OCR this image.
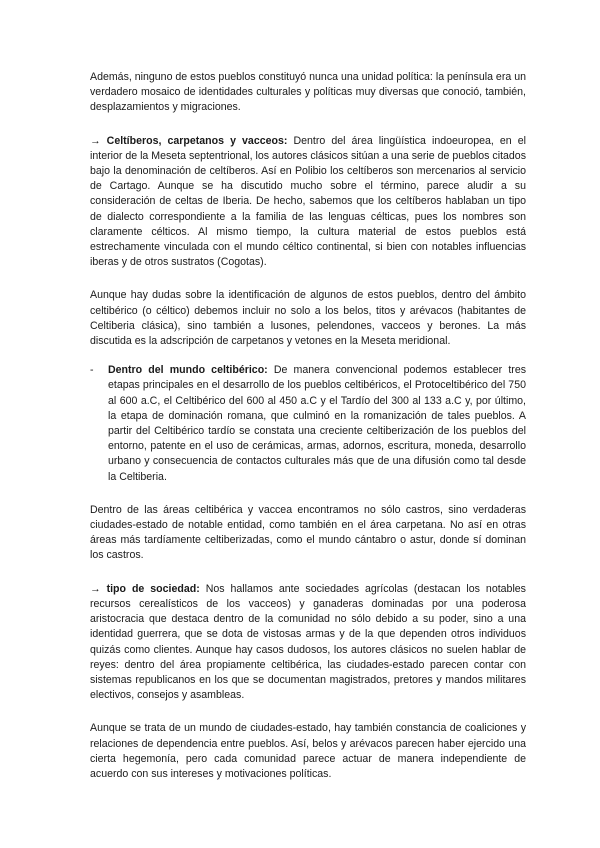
Además, ninguno de estos pueblos constituyó nunca una unidad política: la península era un verdadero mosaico de identidades culturales y políticas muy diversas que conoció, también, desplazamientos y migraciones.

→ Celtíberos, carpetanos y vacceos: Dentro del área lingüística indoeuropea, en el interior de la Meseta septentrional, los autores clásicos sitúan a una serie de pueblos citados bajo la denominación de celtíberos. Así en Polibio los celtíberos son mercenarios al servicio de Cartago. Aunque se ha discutido mucho sobre el término, parece aludir a su consideración de celtas de Iberia. De hecho, sabemos que los celtíberos hablaban un tipo de dialecto correspondiente a la familia de las lenguas célticas, pues los nombres son claramente célticos. Al mismo tiempo, la cultura material de estos pueblos está estrechamente vinculada con el mundo céltico continental, si bien con notables influencias iberas y de otros sustratos (Cogotas).

Aunque hay dudas sobre la identificación de algunos de estos pueblos, dentro del ámbito celtibérico (o céltico) debemos incluir no solo a los belos, titos y arévacos (habitantes de Celtiberia clásica), sino también a lusones, pelendones, vacceos y berones. La más discutida es la adscripción de carpetanos y vetones en la Meseta meridional.

- Dentro del mundo celtibérico: De manera convencional podemos establecer tres etapas principales en el desarrollo de los pueblos celtibéricos, el Protoceltibérico del 750 al 600 a.C, el Celtibérico del 600 al 450 a.C y el Tardío del 300 al 133 a.C y, por último, la etapa de dominación romana, que culminó en la romanización de tales pueblos. A partir del Celtibérico tardío se constata una creciente celtiberización de los pueblos del entorno, patente en el uso de cerámicas, armas, adornos, escritura, moneda, desarrollo urbano y consecuencia de contactos culturales más que de una difusión como tal desde la Celtiberia.

Dentro de las áreas celtibérica y vaccea encontramos no sólo castros, sino verdaderas ciudades-estado de notable entidad, como también en el área carpetana. No así en otras áreas más tardíamente celtiberizadas, como el mundo cántabro o astur, donde sí dominan los castros.

→ tipo de sociedad: Nos hallamos ante sociedades agrícolas (destacan los notables recursos cerealísticos de los vacceos) y ganaderas dominadas por una poderosa aristocracia que destaca dentro de la comunidad no sólo debido a su poder, sino a una identidad guerrera, que se dota de vistosas armas y de la que dependen otros individuos quizás como clientes. Aunque hay casos dudosos, los autores clásicos no suelen hablar de reyes: dentro del área propiamente celtibérica, las ciudades-estado parecen contar con sistemas republicanos en los que se documentan magistrados, pretores y mandos militares electivos, consejos y asambleas.

Aunque se trata de un mundo de ciudades-estado, hay también constancia de coaliciones y relaciones de dependencia entre pueblos. Así, belos y arévacos parecen haber ejercido una cierta hegemonía, pero cada comunidad parece actuar de manera independiente de acuerdo con sus intereses y motivaciones políticas.
